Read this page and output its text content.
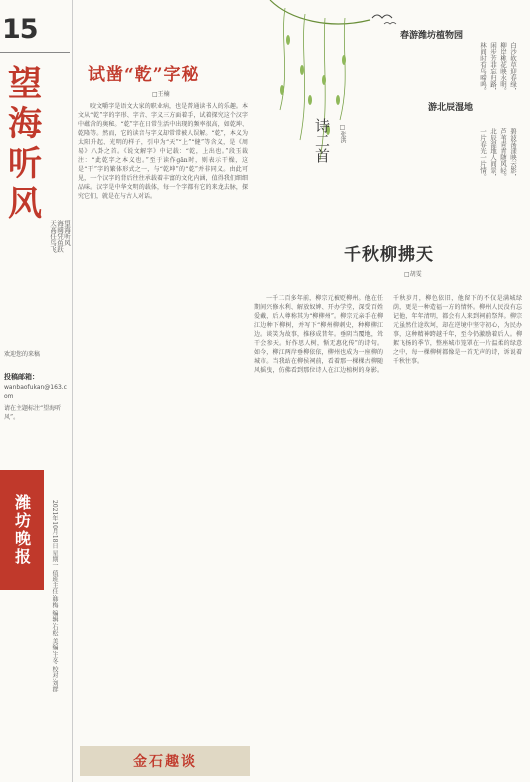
15
望
海
听
风
望海听风
海阔凭鱼跃
天高任鸟飞
欢迎您的来稿
投稿邮箱：
wanbaofukan@163.com
请在主题标注“望海听风”。
潍坊晚报	2021年10月18日 星期一 值班主任:韩梅 编辑:石松 美编:王冬 校对:刘群
试凿“乾”字秘
□王楠
咬文嚼字是语文大家的职业病，也是普通读书人的乐趣。本文从“乾”字的字形、字音、字义三方面着手，试着探究这个汉字中蕴含的奥秘。“乾”字在日常生活中出现的频率很高，如乾坤、乾隆等。然而，它的读音与字义却常常被人误解。“乾”，本义为太阳升起、光明的样子，引申为“天”“上”“健”等含义，是《周易》八卦之首。《说文解字》中记载：“乾，上出也。”段玉裁注：“此乾字之本义也。”至于读作gān时，则表示干燥，这是“干”字的繁体形式之一，与“乾坤”的“乾”并非同义。由此可见，一个汉字的背后往往承载着丰富的文化内涵，值得我们细细品味。汉字是中华文明的载体，每一个字都有它的来龙去脉，探究它们，就是在与古人对话。
春游潍坊植物园
游北辰湿地
白沙软草迎春绿，
柳岸桃花映水明。
闲步芳菲忘归路，
林间时有鸟啼鸣。
碧波荡漾映云影，
芦苇青青随风轻。
北辰湿地人间景，
一片春光一片情。
诗二首	□张洪
千秋柳拂天
□胡雯
一千二百多年前，柳宗元被贬柳州。他在任期间兴修水利、解放奴婢、开办学堂，深受百姓爱戴，后人尊称其为“柳柳州”。柳宗元亲手在柳江边种下柳树，并写下“柳州柳刺史，种柳柳江边。谈笑为故事，推移成昔年。垂阴当覆地，耸干会参天。好作思人树，惭无惠化传”的诗句。如今，柳江两岸垂柳依依，柳州也成为一座柳的城市。当我站在柳侯祠前，看着那一棵棵古柳随风摇曳，仿佛看到那位诗人在江边植树的身影。千秋岁月，柳色依旧，他留下的不仅是满城绿荫，更是一种造福一方的情怀。柳州人民没有忘记他，年年清明，都会有人来到祠前祭拜。柳宗元虽然仕途坎坷，却在逆境中坚守初心，为民办事，这种精神跨越千年，至今仍激励着后人。柳絮飞扬的季节，整座城市笼罩在一片温柔的绿意之中，每一棵柳树都像是一首无声的诗，诉说着千秋往事。
金石趣谈
